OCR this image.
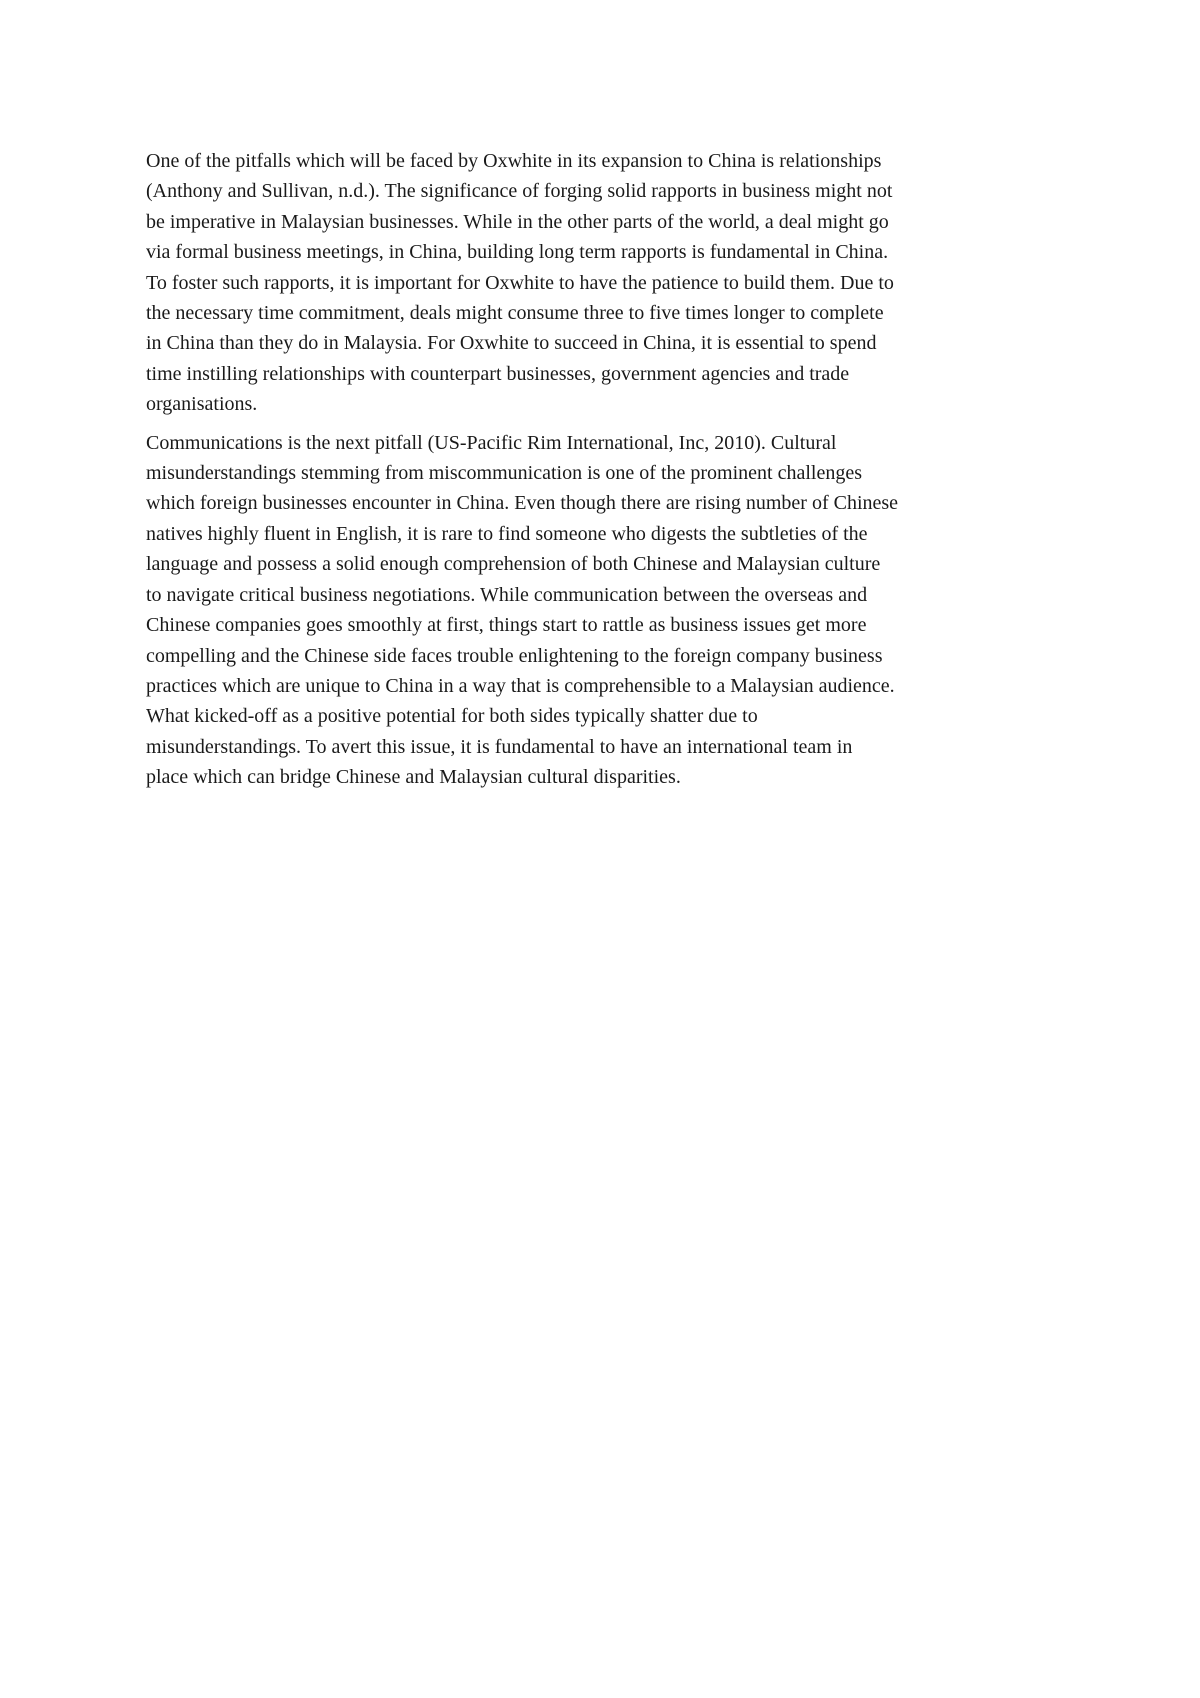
One of the pitfalls which will be faced by Oxwhite in its expansion to China is relationships
(Anthony and Sullivan, n.d.). The significance of forging solid rapports in business might not
be imperative in Malaysian businesses. While in the other parts of the world, a deal might go
via formal business meetings, in China, building long term rapports is fundamental in China.
To foster such rapports, it is important for Oxwhite to have the patience to build them. Due to
the necessary time commitment, deals might consume three to five times longer to complete
in China than they do in Malaysia. For Oxwhite to succeed in China, it is essential to spend
time instilling relationships with counterpart businesses, government agencies and trade
organisations.

Communications is the next pitfall (US-Pacific Rim International, Inc, 2010). Cultural
misunderstandings stemming from miscommunication is one of the prominent challenges
which foreign businesses encounter in China. Even though there are rising number of Chinese
natives highly fluent in English, it is rare to find someone who digests the subtleties of the
language and possess a solid enough comprehension of both Chinese and Malaysian culture
to navigate critical business negotiations. While communication between the overseas and
Chinese companies goes smoothly at first, things start to rattle as business issues get more
compelling and the Chinese side faces trouble enlightening to the foreign company business
practices which are unique to China in a way that is comprehensible to a Malaysian audience.
What kicked-off as a positive potential for both sides typically shatter due to
misunderstandings. To avert this issue, it is fundamental to have an international team in
place which can bridge Chinese and Malaysian cultural disparities.
